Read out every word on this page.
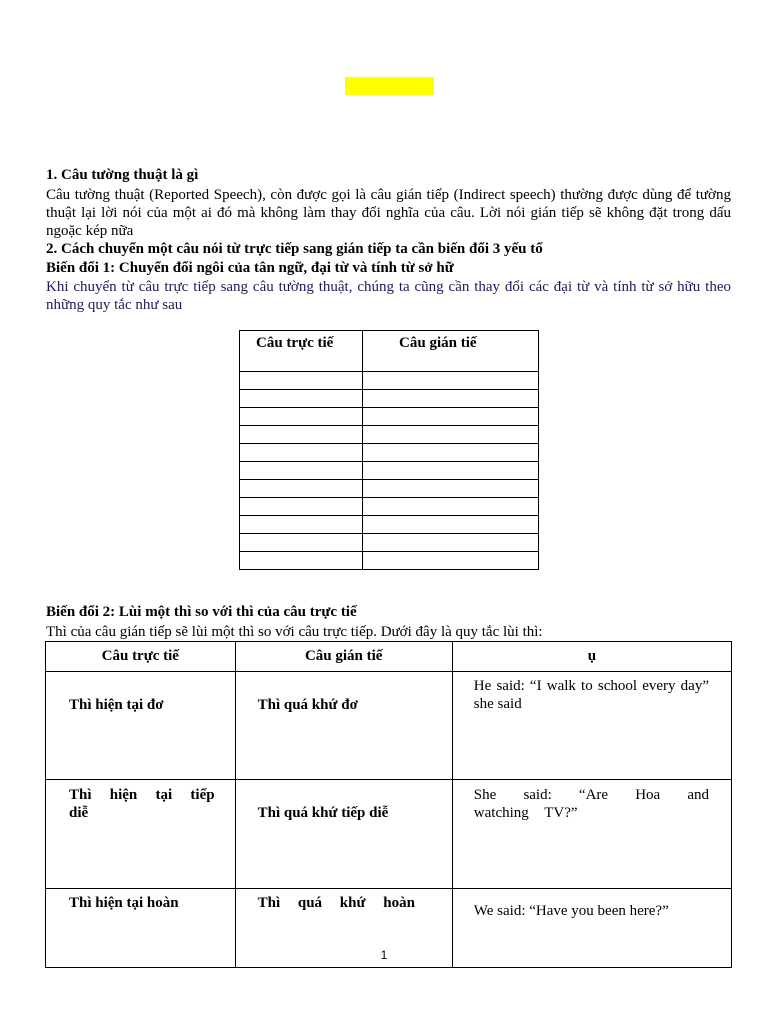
1. Câu tường thuật là gì
Câu tường thuật (Reported Speech), còn được gọi là câu gián tiếp (Indirect speech) thường được dùng để tường thuật lại lời nói của một ai đó mà không làm thay đổi nghĩa của câu. Lời nói gián tiếp sẽ không đặt trong dấu ngoặc kép nữa
2. Cách chuyển một câu nói từ trực tiếp sang gián tiếp ta cần biến đổi 3 yếu tố
Biến đổi 1: Chuyển đổi ngôi của tân ngữ, đại từ và tính từ sở hữ
Khi chuyển từ câu trực tiếp sang câu tường thuật, chúng ta cũng cần thay đổi các đại từ và tính từ sở hữu theo những quy tắc như sau
Câu trực tiế	Câu gián tiế

Biến đổi 2: Lùi một thì so với thì của câu trực tiế
Thì của câu gián tiếp sẽ lùi một thì so với câu trực tiếp. Dưới đây là quy tắc lùi thì:
Câu trực tiế	Câu gián tiế	ụ
Thì hiện tại đơ	Thì quá khứ đơ	He said: “I walk to school every day” she said
Thì hiện tại tiếp diễ	Thì quá khứ tiếp diễ	She said: “Are Hoa and watching TV?”
Thì hiện tại hoàn	Thì quá khứ hoàn	We said: “Have you been here?”
1
